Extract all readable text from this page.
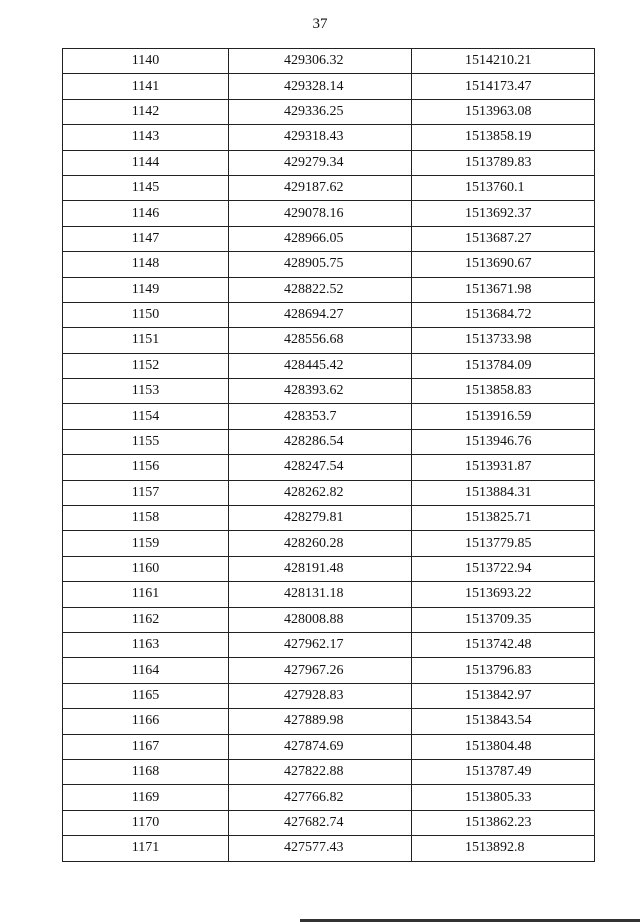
37
1140	429306.32	1514210.21
1141	429328.14	1514173.47
1142	429336.25	1513963.08
1143	429318.43	1513858.19
1144	429279.34	1513789.83
1145	429187.62	1513760.1
1146	429078.16	1513692.37
1147	428966.05	1513687.27
1148	428905.75	1513690.67
1149	428822.52	1513671.98
1150	428694.27	1513684.72
1151	428556.68	1513733.98
1152	428445.42	1513784.09
1153	428393.62	1513858.83
1154	428353.7	1513916.59
1155	428286.54	1513946.76
1156	428247.54	1513931.87
1157	428262.82	1513884.31
1158	428279.81	1513825.71
1159	428260.28	1513779.85
1160	428191.48	1513722.94
1161	428131.18	1513693.22
1162	428008.88	1513709.35
1163	427962.17	1513742.48
1164	427967.26	1513796.83
1165	427928.83	1513842.97
1166	427889.98	1513843.54
1167	427874.69	1513804.48
1168	427822.88	1513787.49
1169	427766.82	1513805.33
1170	427682.74	1513862.23
1171	427577.43	1513892.8
